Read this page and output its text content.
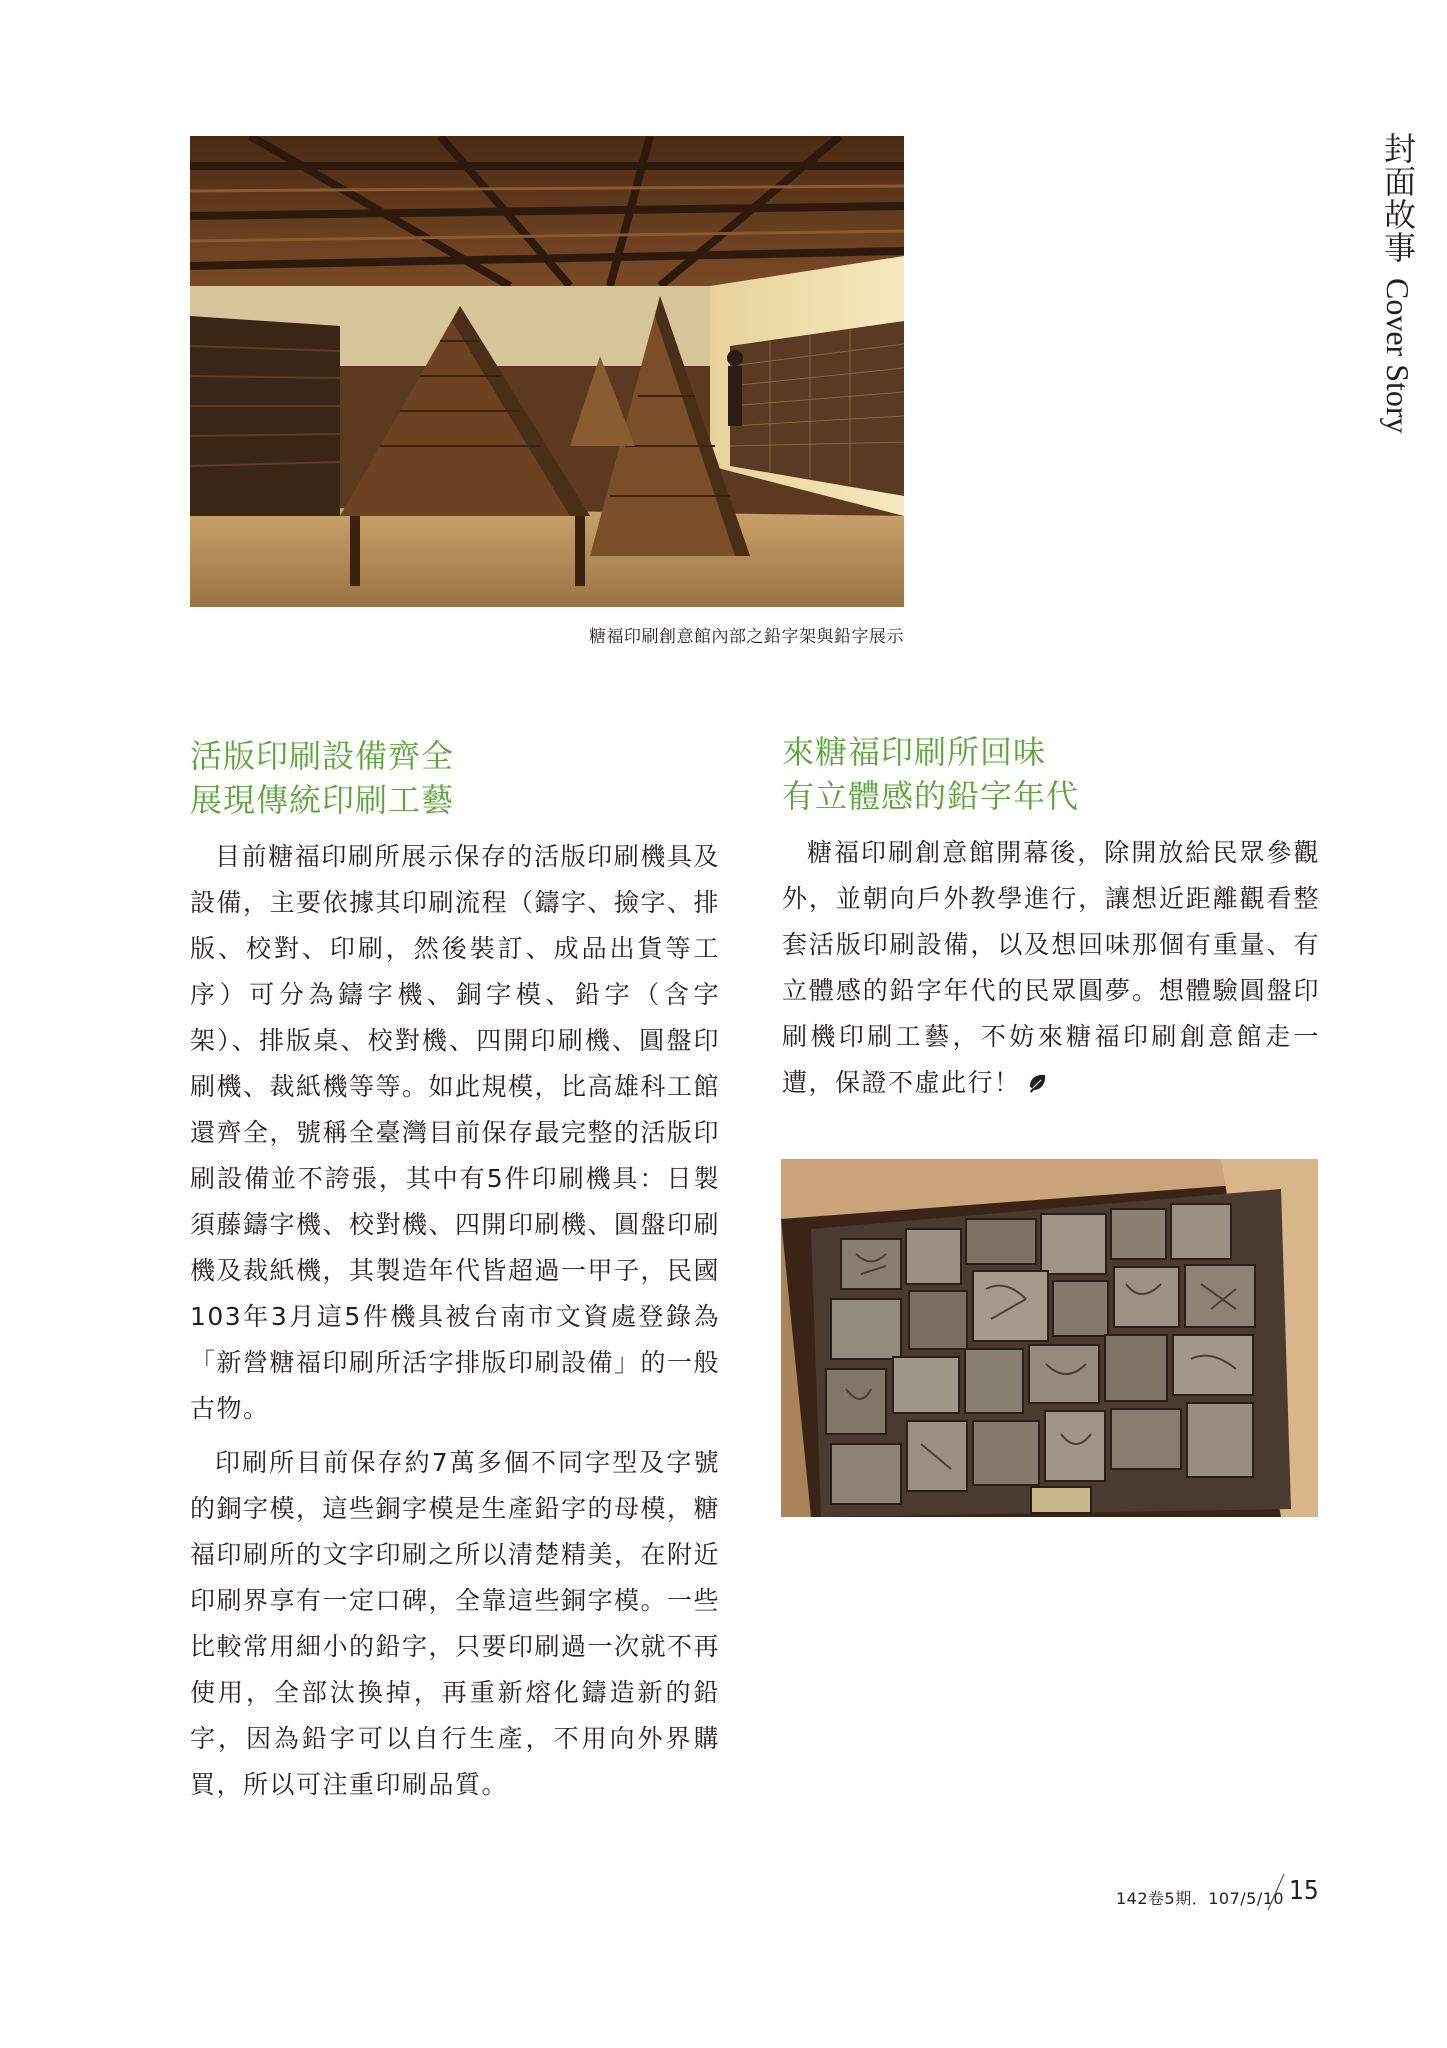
封面故事Cover Story
糖福印刷創意館內部之鉛字架與鉛字展示
活版印刷設備齊全
展現傳統印刷工藝

目前糖福印刷所展示保存的活版印刷機具及設備，主要依據其印刷流程（鑄字、撿字、排版、校對、印刷，然後裝訂、成品出貨等工序）可分為鑄字機、銅字模、鉛字（含字架）、排版桌、校對機、四開印刷機、圓盤印刷機、裁紙機等等。如此規模，比高雄科工館還齊全，號稱全臺灣目前保存最完整的活版印刷設備並不誇張，其中有5件印刷機具：日製須藤鑄字機、校對機、四開印刷機、圓盤印刷機及裁紙機，其製造年代皆超過一甲子，民國103年3月這5件機具被台南市文資處登錄為「新營糖福印刷所活字排版印刷設備」的一般古物。

印刷所目前保存約7萬多個不同字型及字號的銅字模，這些銅字模是生產鉛字的母模，糖福印刷所的文字印刷之所以清楚精美，在附近印刷界享有一定口碑，全靠這些銅字模。一些比較常用細小的鉛字，只要印刷過一次就不再使用，全部汰換掉，再重新熔化鑄造新的鉛字，因為鉛字可以自行生產，不用向外界購買，所以可注重印刷品質。

來糖福印刷所回味
有立體感的鉛字年代

糖福印刷創意館開幕後，除開放給民眾參觀外，並朝向戶外教學進行，讓想近距離觀看整套活版印刷設備，以及想回味那個有重量、有立體感的鉛字年代的民眾圓夢。想體驗圓盤印刷機印刷工藝，不妨來糖福印刷創意館走一遭，保證不虛此行！

142卷5期．107/5/10 15
